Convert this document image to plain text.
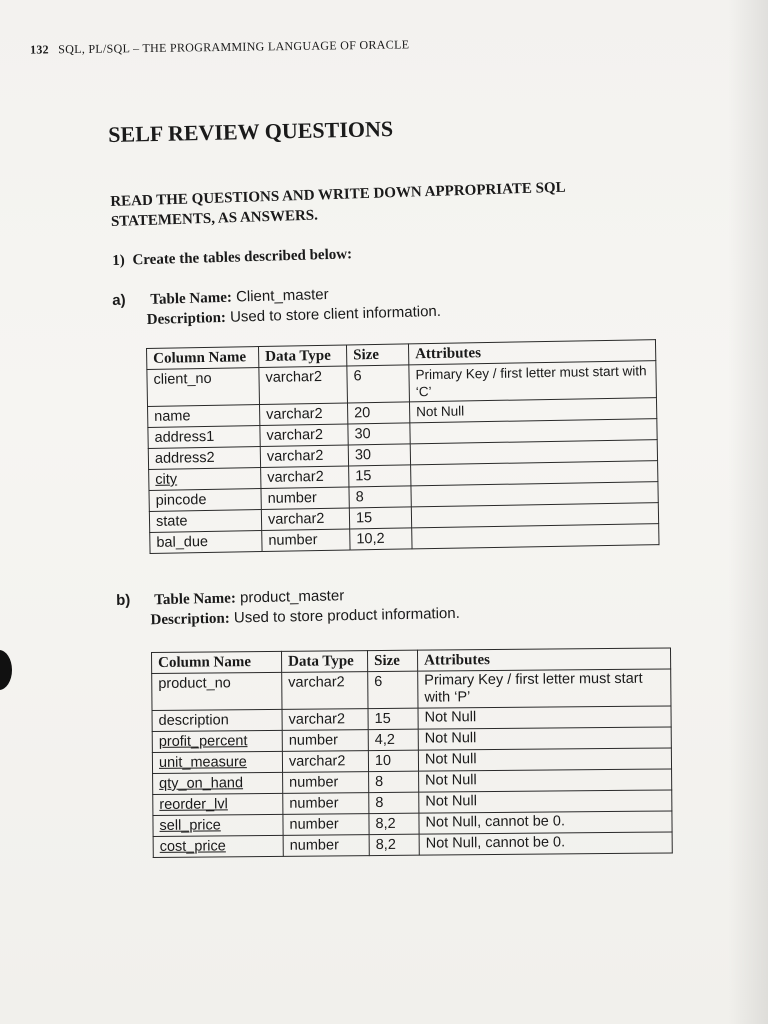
132 SQL, PL/SQL – THE PROGRAMMING LANGUAGE OF ORACLE
SELF REVIEW QUESTIONS
READ THE QUESTIONS AND WRITE DOWN APPROPRIATE SQL
STATEMENTS, AS ANSWERS.
1) Create the tables described below:
a) Table Name: Client_master
Description: Used to store client information.
Column Name	Data Type	Size	Attributes
client_no	varchar2	6	Primary Key / first letter must start with ‘C’
name	varchar2	20	Not Null
address1	varchar2	30	
address2	varchar2	30	
city	varchar2	15	
pincode	number	8	
state	varchar2	15	
bal_due	number	10,2	
b) Table Name: product_master
Description: Used to store product information.
Column Name	Data Type	Size	Attributes
product_no	varchar2	6	Primary Key / first letter must start with ‘P’
description	varchar2	15	Not Null
profit_percent	number	4,2	Not Null
unit_measure	varchar2	10	Not Null
qty_on_hand	number	8	Not Null
reorder_lvl	number	8	Not Null
sell_price	number	8,2	Not Null, cannot be 0.
cost_price	number	8,2	Not Null, cannot be 0.
